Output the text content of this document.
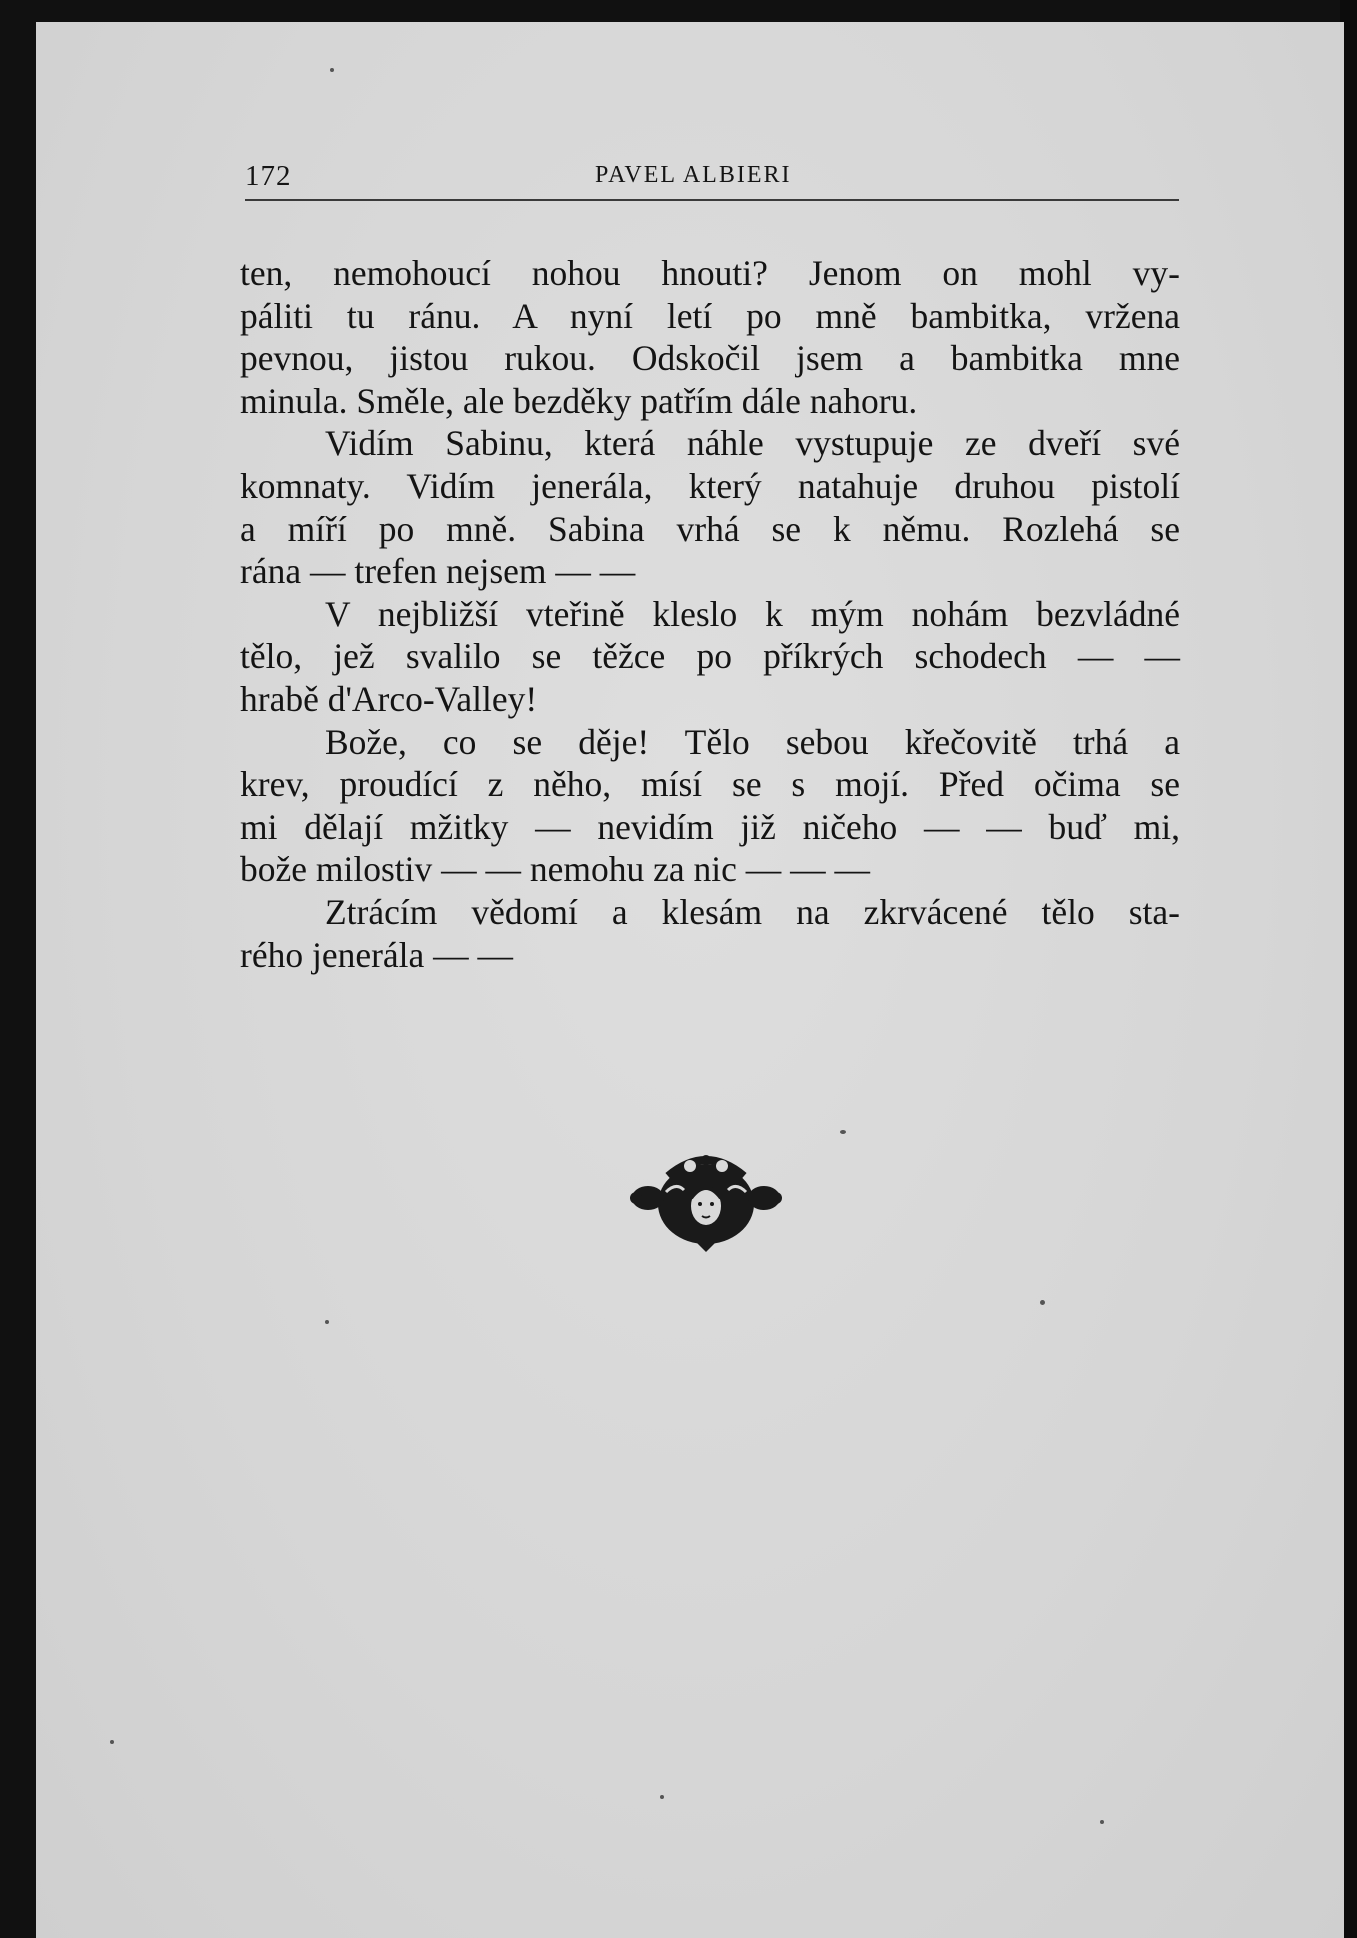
172	PAVEL ALBIERI
ten, nemohoucí nohou hnouti? Jenom on mohl vy-
páliti tu ránu. A nyní letí po mně bambitka, vržena
pevnou, jistou rukou. Odskočil jsem a bambitka mne
minula. Směle, ale bezděky patřím dále nahoru.
Vidím Sabinu, která náhle vystupuje ze dveří své
komnaty. Vidím jenerála, který natahuje druhou pistolí
a míří po mně. Sabina vrhá se k němu. Rozlehá se
rána — trefen nejsem — —
V nejbližší vteřině kleslo k mým nohám bezvládné
tělo, jež svalilo se těžce po příkrých schodech — —
hrabě d'Arco-Valley!
Bože, co se děje! Tělo sebou křečovitě trhá a
krev, proudící z něho, mísí se s mojí. Před očima se
mi dělají mžitky — nevidím již ničeho — — buď mi,
bože milostiv — — nemohu za nic — — —
Ztrácím vědomí a klesám na zkrvácené tělo sta-
rého jenerála — —
